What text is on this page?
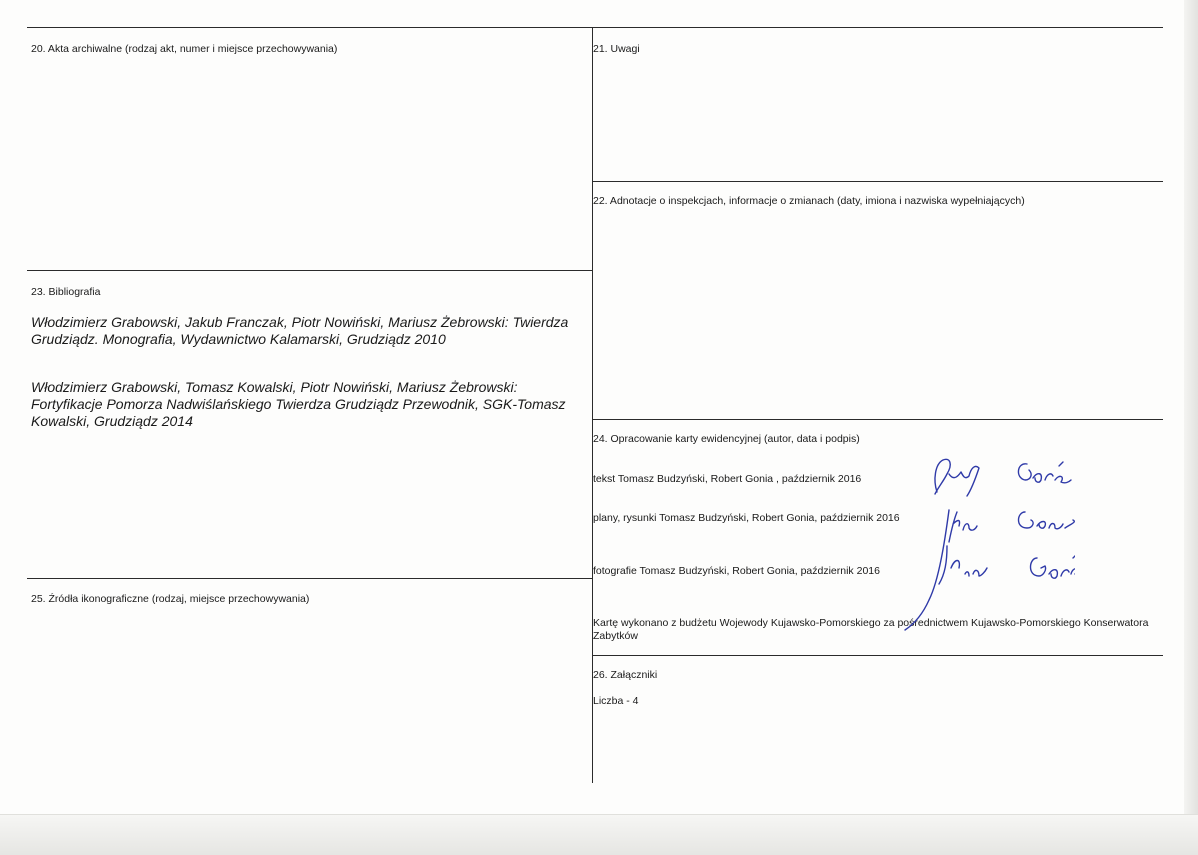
20. Akta archiwalne (rodzaj akt, numer i miejsce przechowywania)	21. Uwagi
22. Adnotacje o inspekcjach, informacje o zmianach (daty, imiona i nazwiska wypełniających)
23. Bibliografia
Włodzimierz Grabowski, Jakub Franczak, Piotr Nowiński, Mariusz Żebrowski: Twierdza Grudziądz. Monografia, Wydawnictwo Kalamarski, Grudziądz 2010
Włodzimierz Grabowski, Tomasz Kowalski, Piotr Nowiński, Mariusz Żebrowski: Fortyfikacje Pomorza Nadwiślańskiego Twierdza Grudziądz Przewodnik, SGK-Tomasz Kowalski, Grudziądz 2014
24. Opracowanie karty ewidencyjnej (autor, data i podpis)
tekst Tomasz Budzyński, Robert Gonia , październik 2016
plany, rysunki Tomasz Budzyński, Robert Gonia, październik 2016
fotografie Tomasz Budzyński, Robert Gonia, październik 2016
Kartę wykonano z budżetu Wojewody Kujawsko-Pomorskiego za pośrednictwem Kujawsko-Pomorskiego Konserwatora Zabytków
25. Źródła ikonograficzne (rodzaj, miejsce przechowywania)
26. Załączniki
Liczba - 4
